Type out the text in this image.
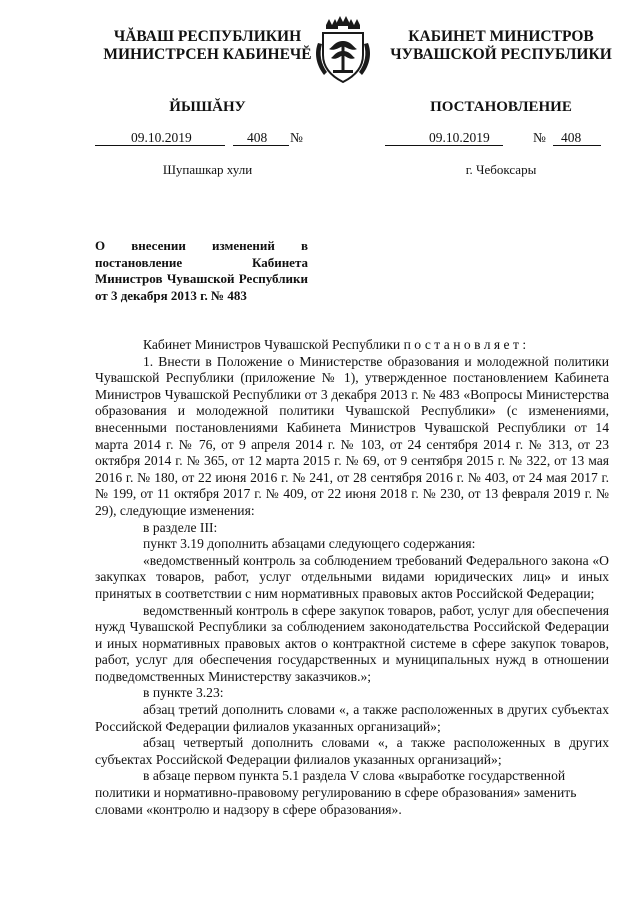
ЧĂВАШ РЕСПУБЛИКИН
МИНИСТРСЕН КАБИНЕЧĔ
КАБИНЕТ МИНИСТРОВ
ЧУВАШСКОЙ РЕСПУБЛИКИ
ЙЫШĂНУ	ПОСТАНОВЛЕНИЕ
09.10.2019	408 №	09.10.2019	№ 408
Шупашкар хули	г. Чебоксары
О внесении изменений в постановление Кабинета Министров Чувашской Республики от 3 декабря 2013 г. № 483

Кабинет Министров Чувашской Республики постановляет:

1. Внести в Положение о Министерстве образования и молодежной политики Чувашской Республики (приложение № 1), утвержденное постановлением Кабинета Министров Чувашской Республики от 3 декабря 2013 г. № 483 «Вопросы Министерства образования и молодежной политики Чувашской Республики» (с изменениями, внесенными постановлениями Кабинета Министров Чувашской Республики от 14 марта 2014 г. № 76, от 9 апреля 2014 г. № 103, от 24 сентября 2014 г. № 313, от 23 октября 2014 г. № 365, от 12 марта 2015 г. № 69, от 9 сентября 2015 г. № 322, от 13 мая 2016 г. № 180, от 22 июня 2016 г. № 241, от 28 сентября 2016 г. № 403, от 24 мая 2017 г. № 199, от 11 октября 2017 г. № 409, от 22 июня 2018 г. № 230, от 13 февраля 2019 г. № 29), следующие изменения:

в разделе III:

пункт 3.19 дополнить абзацами следующего содержания:

«ведомственный контроль за соблюдением требований Федерального закона «О закупках товаров, работ, услуг отдельными видами юридических лиц» и иных принятых в соответствии с ним нормативных правовых актов Российской Федерации;

ведомственный контроль в сфере закупок товаров, работ, услуг для обеспечения нужд Чувашской Республики за соблюдением законодательства Российской Федерации и иных нормативных правовых актов о контрактной системе в сфере закупок товаров, работ, услуг для обеспечения государственных и муниципальных нужд в отношении подведомственных Министерству заказчиков.»;

в пункте 3.23:

абзац третий дополнить словами «, а также расположенных в других субъектах Российской Федерации филиалов указанных организаций»;

абзац четвертый дополнить словами «, а также расположенных в других субъектах Российской Федерации филиалов указанных организаций»;

в абзаце первом пункта 5.1 раздела V слова «выработке государственной политики и нормативно-правовому регулированию в сфере образования» заменить словами «контролю и надзору в сфере образования».
